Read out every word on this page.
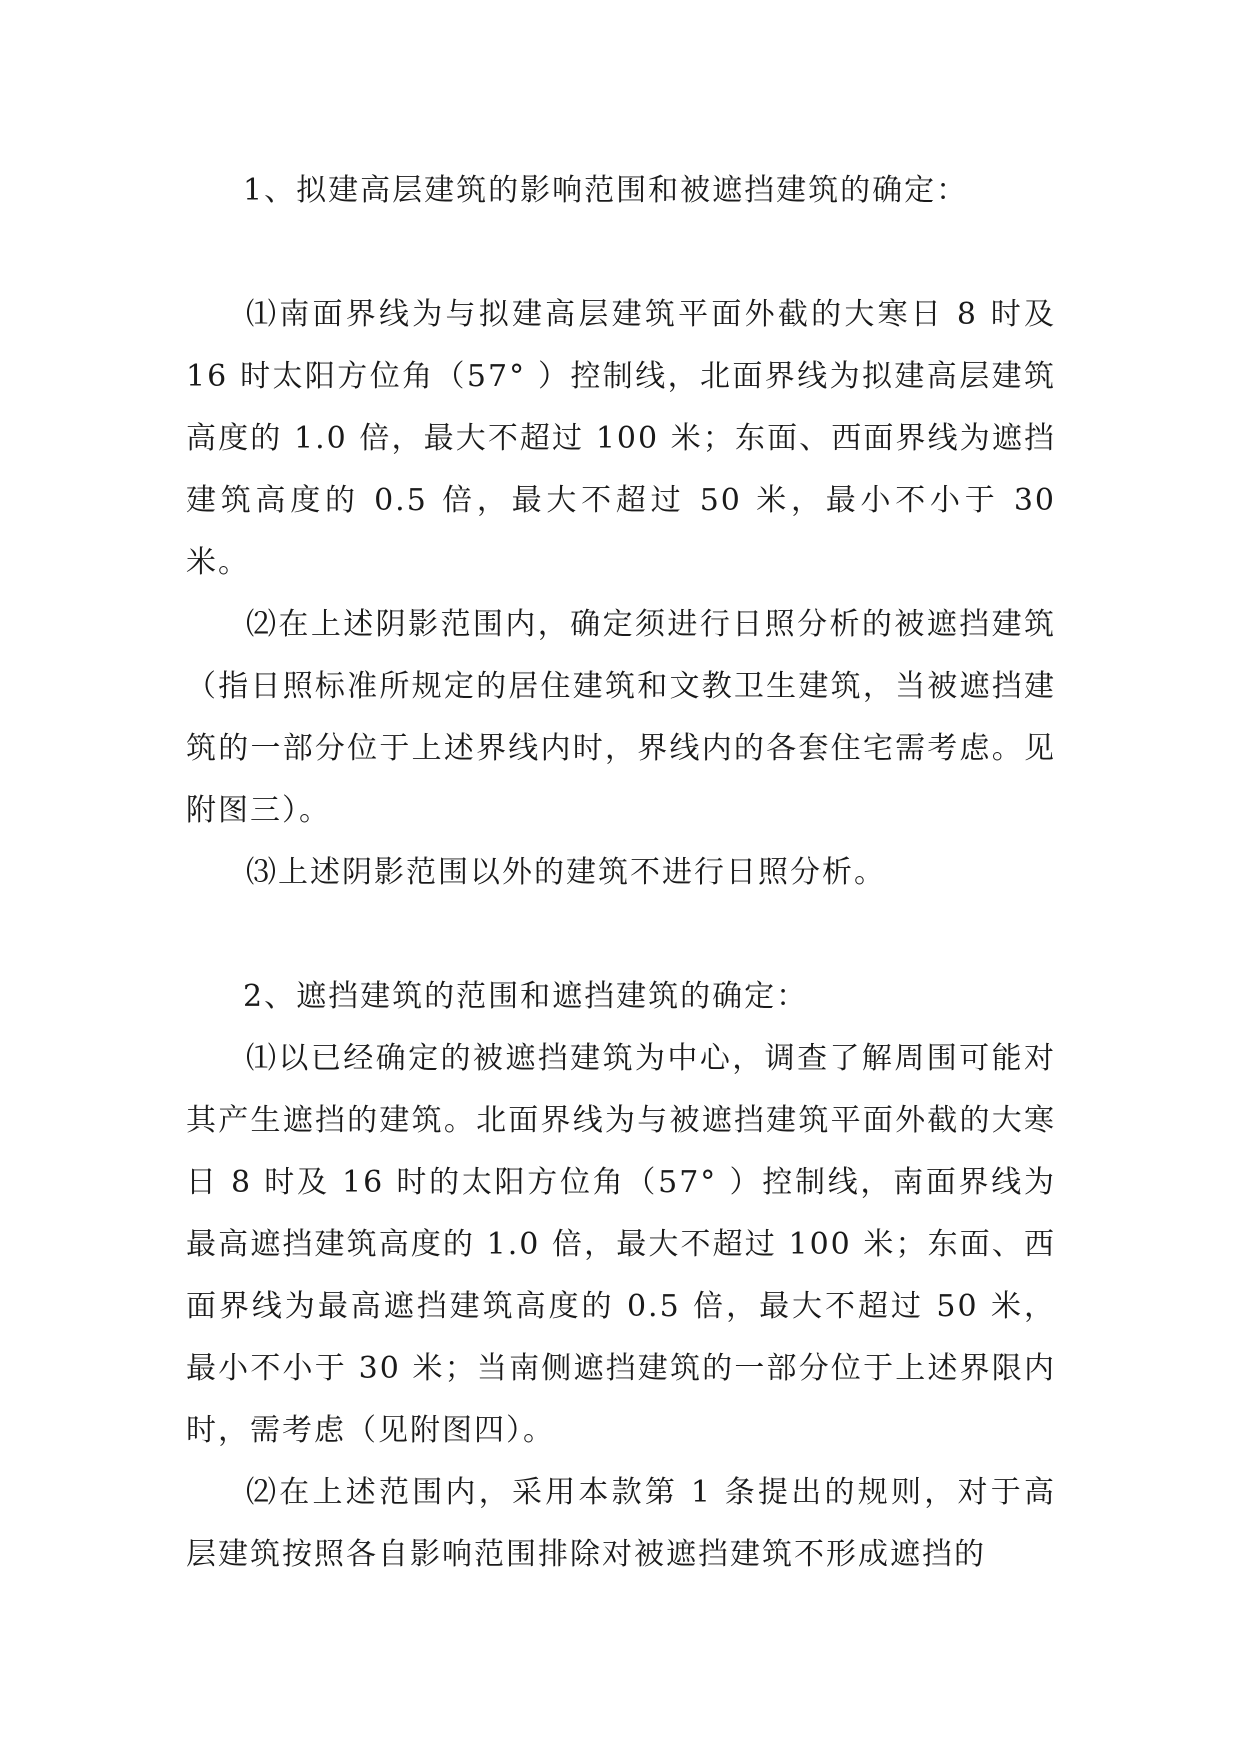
1、拟建高层建筑的影响范围和被遮挡建筑的确定：

⑴南面界线为与拟建高层建筑平面外截的大寒日 8 时及 16 时太阳方位角（57° ）控制线，北面界线为拟建高层建筑高度的 1.0 倍，最大不超过 100 米；东面、西面界线为遮挡建筑高度的 0.5 倍，最大不超过 50 米，最小不小于 30 米。

⑵在上述阴影范围内，确定须进行日照分析的被遮挡建筑（指日照标准所规定的居住建筑和文教卫生建筑，当被遮挡建筑的一部分位于上述界线内时，界线内的各套住宅需考虑。见附图三）。

⑶上述阴影范围以外的建筑不进行日照分析。

2、遮挡建筑的范围和遮挡建筑的确定：

⑴以已经确定的被遮挡建筑为中心，调查了解周围可能对其产生遮挡的建筑。北面界线为与被遮挡建筑平面外截的大寒日 8 时及 16 时的太阳方位角（57° ）控制线，南面界线为最高遮挡建筑高度的 1.0 倍，最大不超过 100 米；东面、西面界线为最高遮挡建筑高度的 0.5 倍，最大不超过 50 米，最小不小于 30 米；当南侧遮挡建筑的一部分位于上述界限内时，需考虑（见附图四）。

⑵在上述范围内，采用本款第 1 条提出的规则，对于高层建筑按照各自影响范围排除对被遮挡建筑不形成遮挡的
